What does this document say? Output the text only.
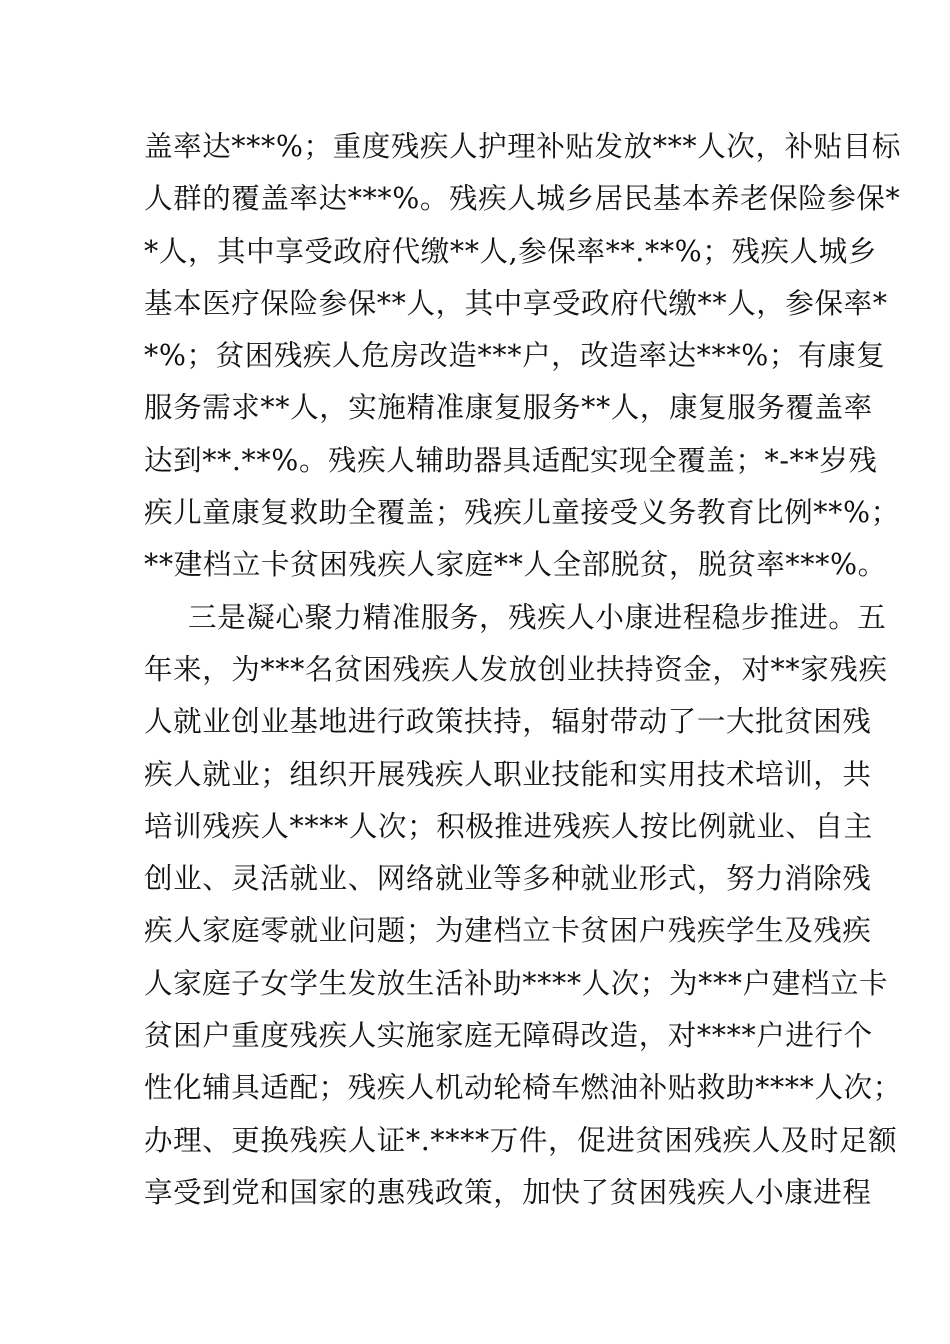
盖率达***%；重度残疾人护理补贴发放***人次，补贴目标
人群的覆盖率达***%。残疾人城乡居民基本养老保险参保*
*人，其中享受政府代缴**人,参保率**.**%；残疾人城乡
基本医疗保险参保**人，其中享受政府代缴**人，参保率*
*%；贫困残疾人危房改造***户，改造率达***%；有康复
服务需求**人，实施精准康复服务**人，康复服务覆盖率
达到**.**%。残疾人辅助器具适配实现全覆盖；*-**岁残
疾儿童康复救助全覆盖；残疾儿童接受义务教育比例**%；
**建档立卡贫困残疾人家庭**人全部脱贫，脱贫率***%。
三是凝心聚力精准服务，残疾人小康进程稳步推进。五
年来，为***名贫困残疾人发放创业扶持资金，对**家残疾
人就业创业基地进行政策扶持，辐射带动了一大批贫困残
疾人就业；组织开展残疾人职业技能和实用技术培训，共
培训残疾人****人次；积极推进残疾人按比例就业、自主
创业、灵活就业、网络就业等多种就业形式，努力消除残
疾人家庭零就业问题；为建档立卡贫困户残疾学生及残疾
人家庭子女学生发放生活补助****人次；为***户建档立卡
贫困户重度残疾人实施家庭无障碍改造，对****户进行个
性化辅具适配；残疾人机动轮椅车燃油补贴救助****人次；
办理、更换残疾人证*.****万件，促进贫困残疾人及时足额
享受到党和国家的惠残政策，加快了贫困残疾人小康进程
